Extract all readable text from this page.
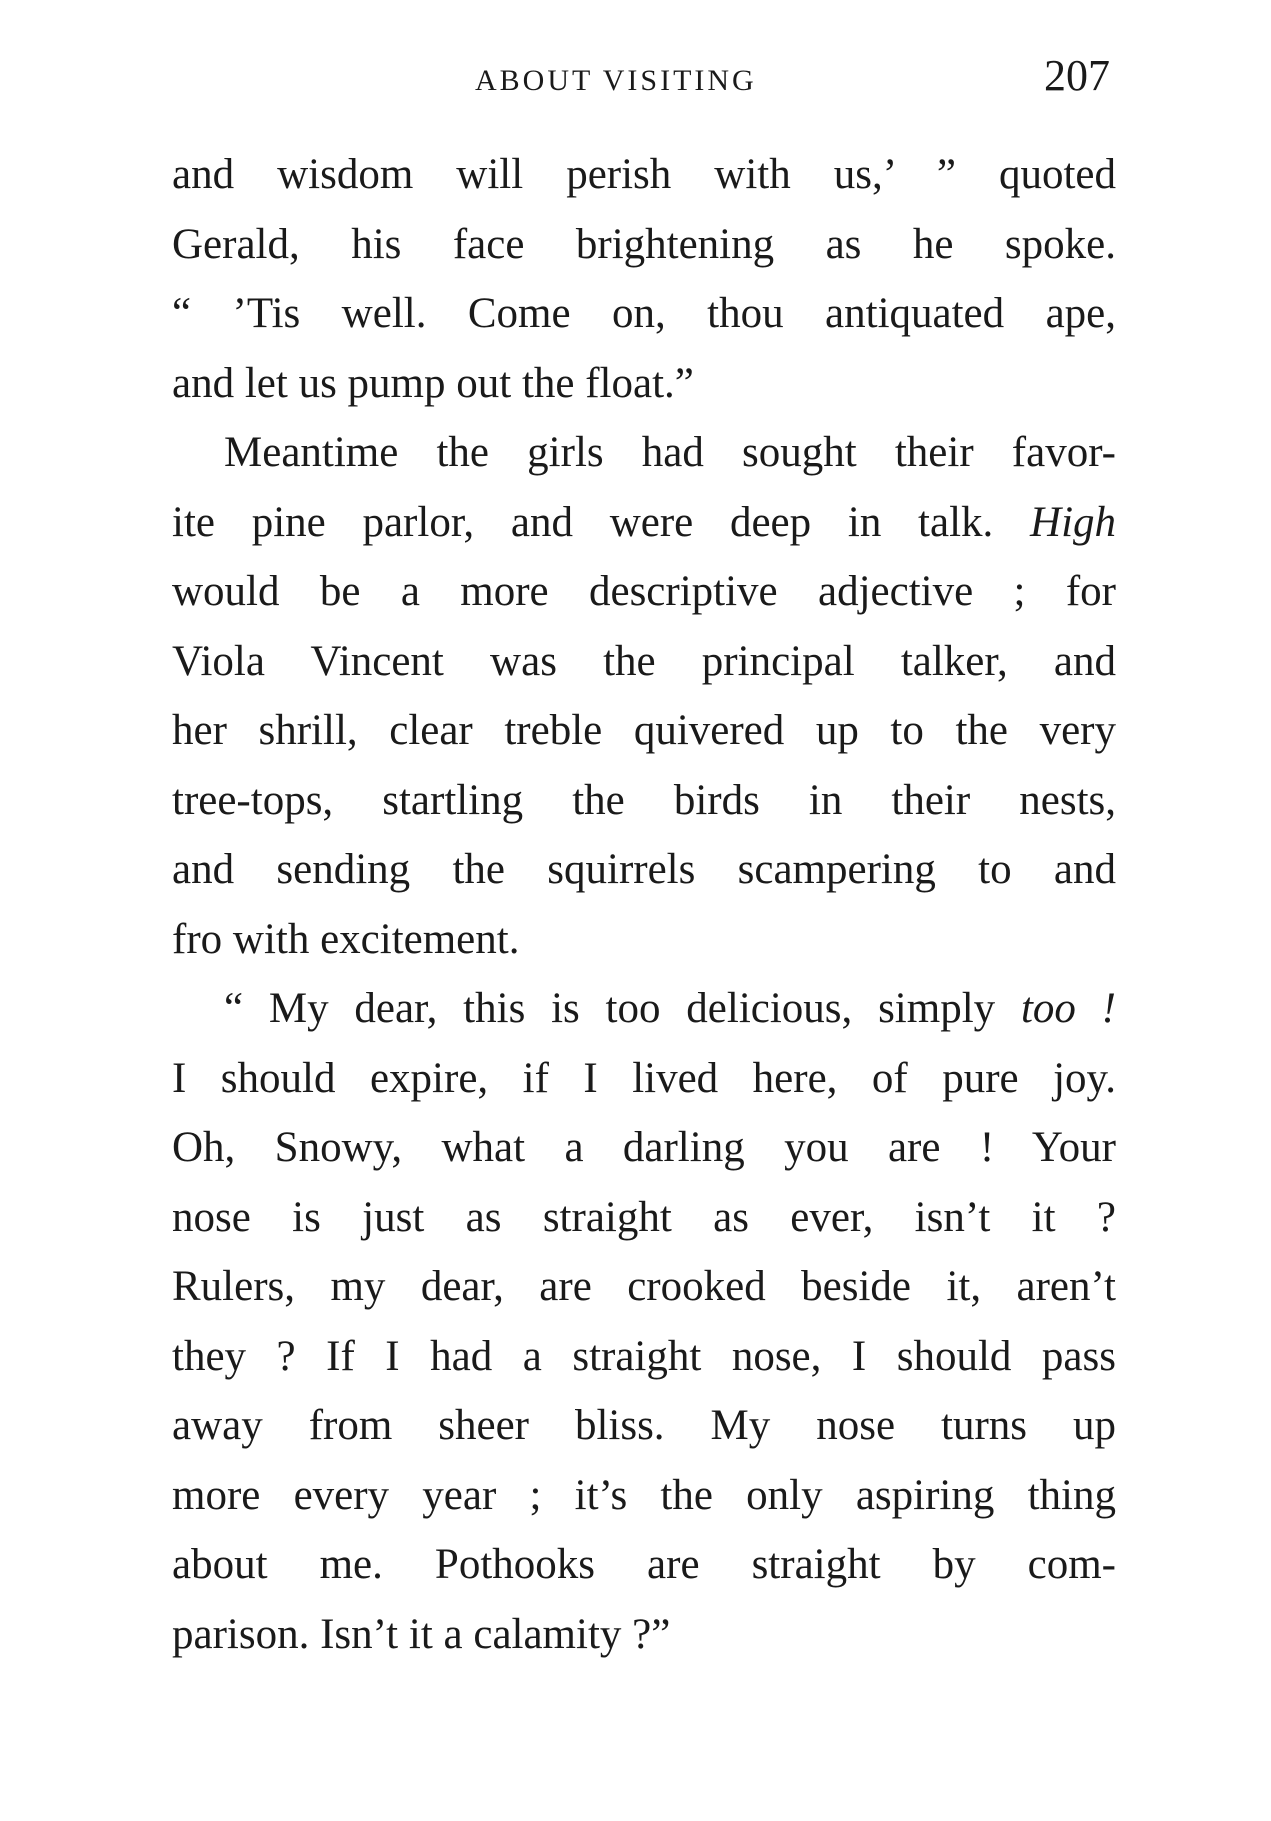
ABOUT VISITING	207
and wisdom will perish with us,’ ” quoted
Gerald, his face brightening as he spoke.
“ ’Tis well. Come on, thou antiquated ape,
and let us pump out the float.”
Meantime the girls had sought their favor-
ite pine parlor, and were deep in talk. High
would be a more descriptive adjective ; for
Viola Vincent was the principal talker, and
her shrill, clear treble quivered up to the very
tree-tops, startling the birds in their nests,
and sending the squirrels scampering to and
fro with excitement.
“ My dear, this is too delicious, simply too !
I should expire, if I lived here, of pure joy.
Oh, Snowy, what a darling you are ! Your
nose is just as straight as ever, isn’t it ?
Rulers, my dear, are crooked beside it, aren’t
they ? If I had a straight nose, I should pass
away from sheer bliss. My nose turns up
more every year ; it’s the only aspiring thing
about me. Pothooks are straight by com-
parison. Isn’t it a calamity ?”
